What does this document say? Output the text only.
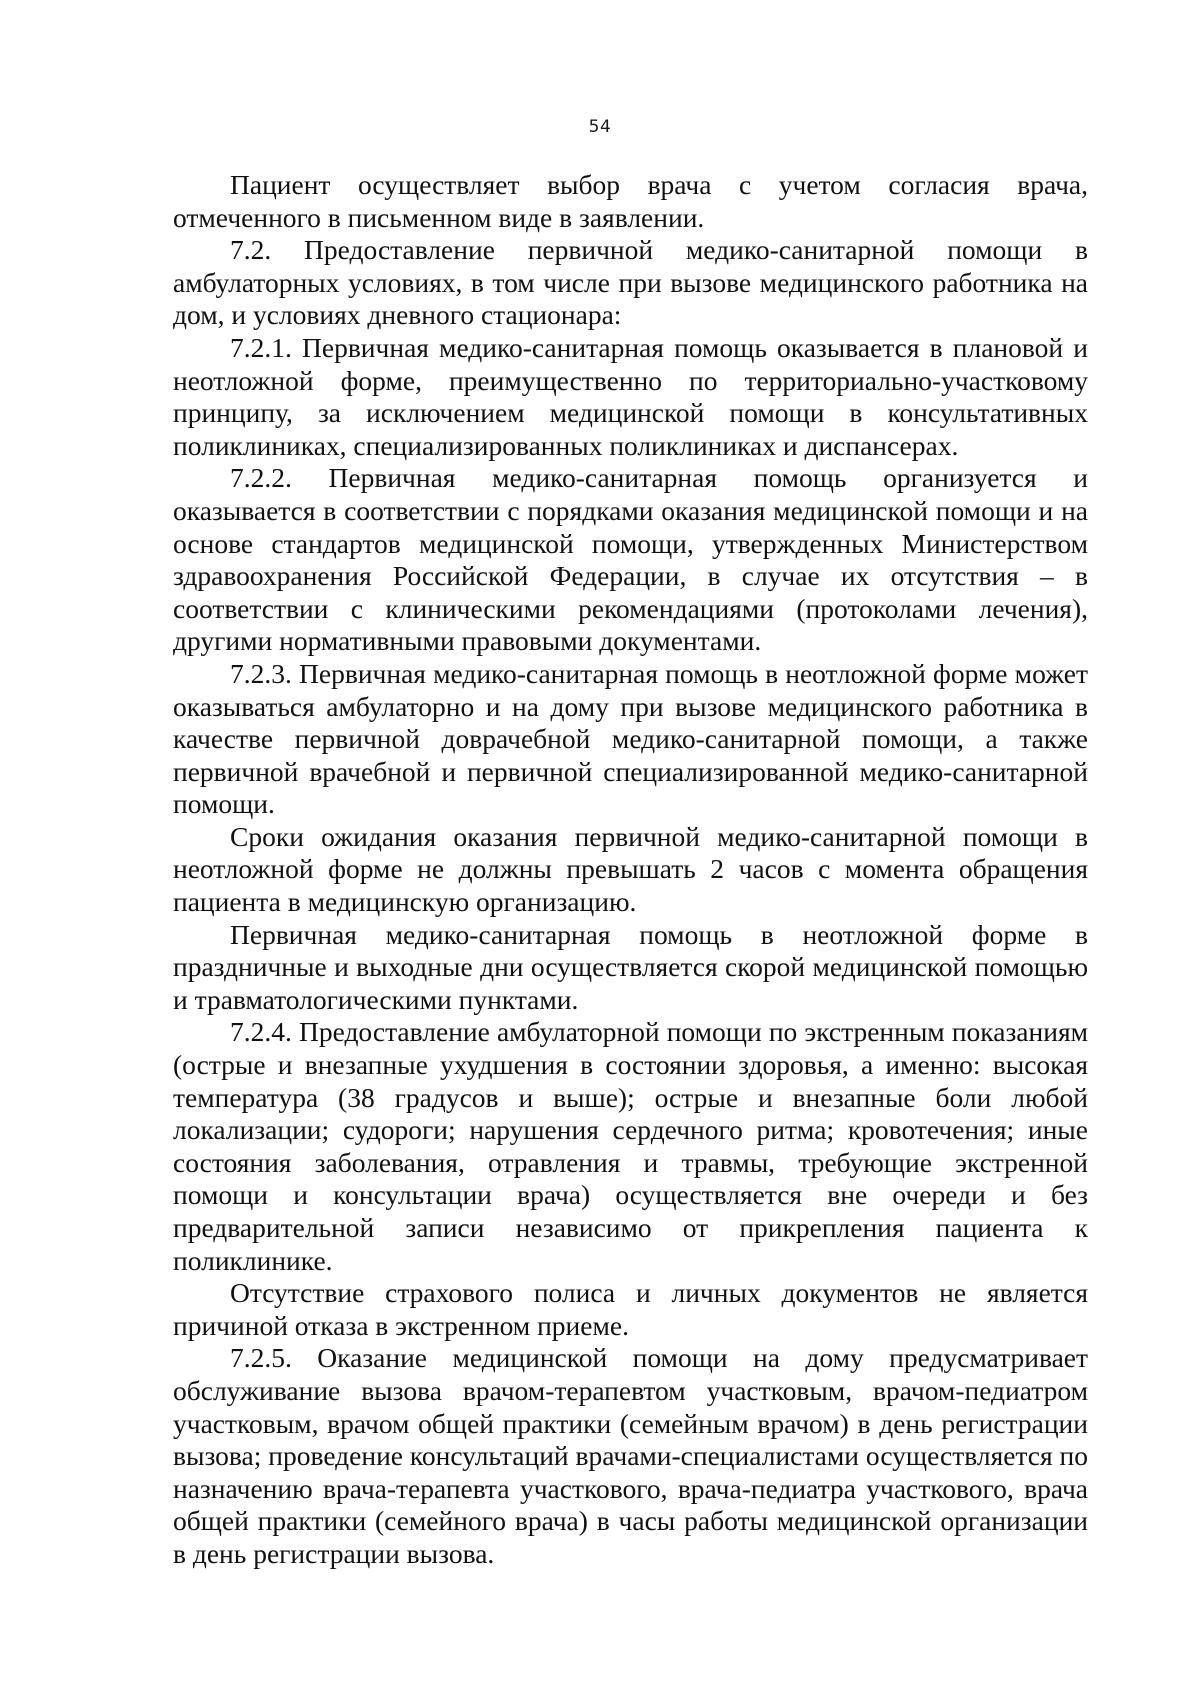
54

Пациент осуществляет выбор врача с учетом согласия врача, отмеченного в письменном виде в заявлении.

7.2. Предоставление первичной медико-санитарной помощи в амбулаторных условиях, в том числе при вызове медицинского работника на дом, и условиях дневного стационара:

7.2.1. Первичная медико-санитарная помощь оказывается в плановой и неотложной форме, преимущественно по территориально-участковому принципу, за исключением медицинской помощи в консультативных поликлиниках, специализированных поликлиниках и диспансерах.

7.2.2. Первичная медико-санитарная помощь организуется и оказывается в соответствии с порядками оказания медицинской помощи и на основе стандартов медицинской помощи, утвержденных Министерством здравоохранения Российской Федерации, в случае их отсутствия – в соответствии с клиническими рекомендациями (протоколами лечения), другими нормативными правовыми документами.

7.2.3. Первичная медико-санитарная помощь в неотложной форме может оказываться амбулаторно и на дому при вызове медицинского работника в качестве первичной доврачебной медико-санитарной помощи, а также первичной врачебной и первичной специализированной медико-санитарной помощи.

Сроки ожидания оказания первичной медико-санитарной помощи в неотложной форме не должны превышать 2 часов с момента обращения пациента в медицинскую организацию.

Первичная медико-санитарная помощь в неотложной форме в праздничные и выходные дни осуществляется скорой медицинской помощью и травматологическими пунктами.

7.2.4. Предоставление амбулаторной помощи по экстренным показаниям (острые и внезапные ухудшения в состоянии здоровья, а именно: высокая температура (38 градусов и выше); острые и внезапные боли любой локализации; судороги; нарушения сердечного ритма; кровотечения; иные состояния заболевания, отравления и травмы, требующие экстренной помощи и консультации врача) осуществляется вне очереди и без предварительной записи независимо от прикрепления пациента к поликлинике.

Отсутствие страхового полиса и личных документов не является причиной отказа в экстренном приеме.

7.2.5. Оказание медицинской помощи на дому предусматривает обслуживание вызова врачом-терапевтом участковым, врачом-педиатром участковым, врачом общей практики (семейным врачом) в день регистрации вызова; проведение консультаций врачами-специалистами осуществляется по назначению врача-терапевта участкового, врача-педиатра участкового, врача общей практики (семейного врача) в часы работы медицинской организации в день регистрации вызова.
